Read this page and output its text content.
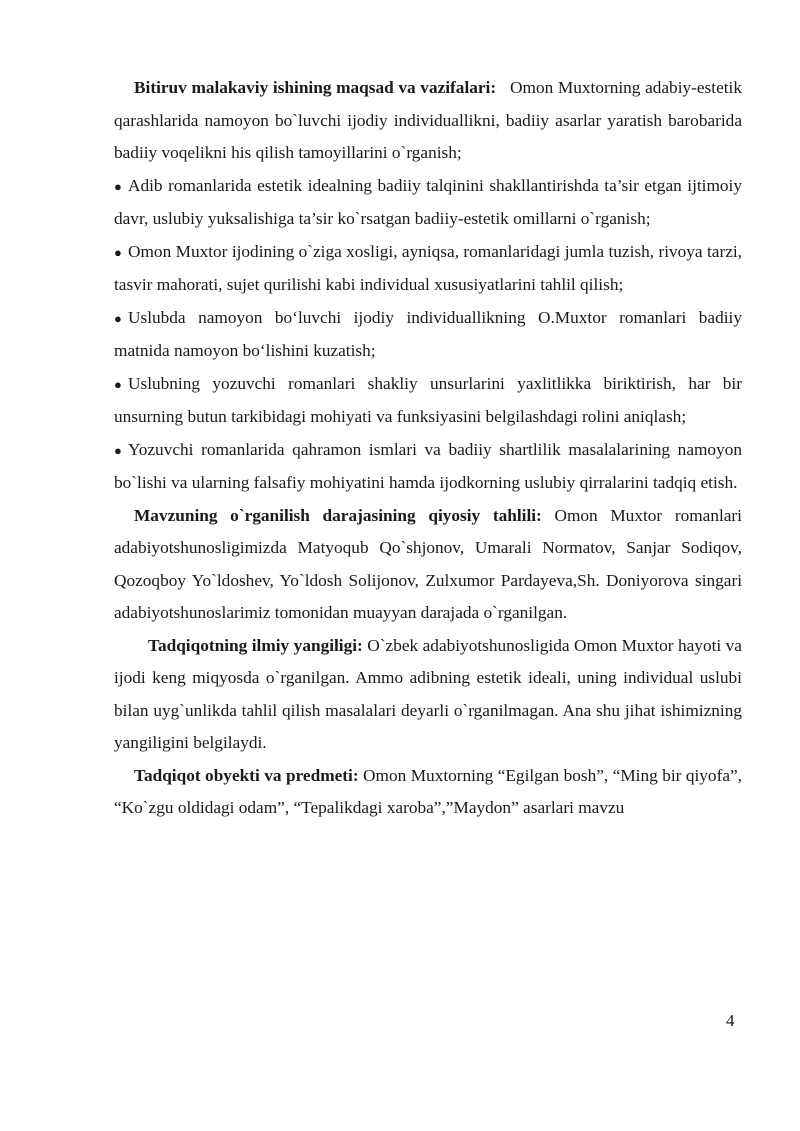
Bitiruv malakaviy ishining maqsad va vazifalari: Omon Muxtorning adabiy-estetik qarashlarida namoyon bo`luvchi ijodiy individuallikni, badiiy asarlar yaratish barobarida badiiy voqelikni his qilish tamoyillarini o`rganish;

● Adib romanlarida estetik idealning badiiy talqinini shakllantirishda ta’sir etgan ijtimoiy davr, uslubiy yuksalishiga ta’sir ko`rsatgan badiiy-estetik omillarni o`rganish;

● Omon Muxtor ijodining o`ziga xosligi, ayniqsa, romanlaridagi jumla tuzish, rivoya tarzi, tasvir mahorati, sujet qurilishi kabi individual xususiyatlarini tahlil qilish;

● Uslubda namoyon bo‘luvchi ijodiy individuallikning O.Muxtor romanlari badiiy matnida namoyon bo‘lishini kuzatish;

● Uslubning yozuvchi romanlari shakliy unsurlarini yaxlitlikka biriktirish, har bir unsurning butun tarkibidagi mohiyati va funksiyasini belgilashdagi rolini aniqlash;

● Yozuvchi romanlarida qahramon ismlari va badiiy shartlilik masalalarining namoyon bo`lishi va ularning falsafiy mohiyatini hamda ijodkorning uslubiy qirralarini tadqiq etish.

Mavzuning o`rganilish darajasining qiyosiy tahlili: Omon Muxtor romanlari adabiyotshunosligimizda Matyoqub Qo`shjonov, Umarali Normatov, Sanjar Sodiqov, Qozoqboy Yo`ldoshev, Yo`ldosh Solijonov, Zulxumor Pardayeva,Sh. Doniyorova singari adabiyotshunoslarimiz tomonidan muayyan darajada o`rganilgan.

Tadqiqotning ilmiy yangiligi: O`zbek adabiyotshunosligida Omon Muxtor hayoti va ijodi keng miqyosda o`rganilgan. Ammo adibning estetik ideali, uning individual uslubi bilan uyg`unlikda tahlil qilish masalalari deyarli o`rganilmagan. Ana shu jihat ishimizning yangiligini belgilaydi.

Tadqiqot obyekti va predmeti: Omon Muxtorning “Egilgan bosh”, “Ming bir qiyofa”, “Ko`zgu oldidagi odam”, “Tepalikdagi xaroba”,”Maydon” asarlari mavzu

4
